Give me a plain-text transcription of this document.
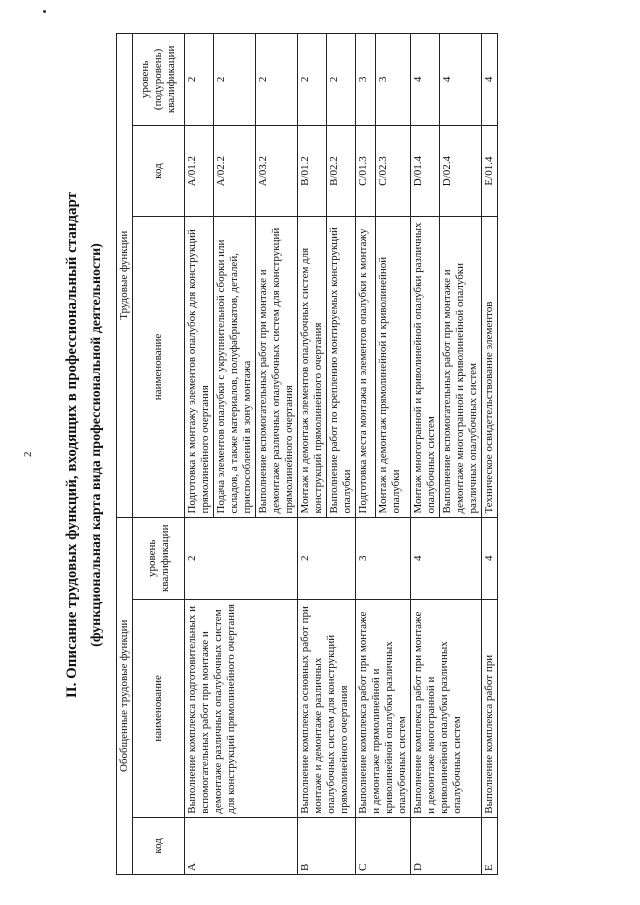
2 II. Описание трудовых функций, входящих в профессиональный стандарт (функциональная карта вида профессиональной деятельности)
Обобщенные трудовые функции			Трудовые функции		
код	наименование	уровень квалификации	наименование	код	уровень (подуровень) квалификации
A	Выполнение комплекса подготовительных и вспомогательных работ при монтаже и демонтаже различных опалубочных систем для конструкций прямолинейного очертания	2	Подготовка к монтажу элементов опалубок для конструкций прямолинейного очертания	A/01.2	2
			Подача элементов опалубки с укрупнительной сборки или складов, а также материалов, полуфабрикатов, деталей, приспособлений в зону монтажа	A/02.2	2
			Выполнение вспомогательных работ при монтаже и демонтаже различных опалубочных систем для конструкций прямолинейного очертания	A/03.2	2
B	Выполнение комплекса основных работ при монтаже и демонтаже различных опалубочных систем для конструкций прямолинейного очертания	2	Монтаж и демонтаж элементов опалубочных систем для конструкций прямолинейного очертания	B/01.2	2
			Выполнение работ по креплению монтируемых конструкций опалубки	B/02.2	2
C	Выполнение комплекса работ при монтаже и демонтаже прямолинейной и криволинейной опалубки различных опалубочных систем	3	Подготовка места монтажа и элементов опалубки к монтажу	C/01.3	3
			Монтаж и демонтаж прямолинейной и криволинейной опалубки	C/02.3	3
D	Выполнение комплекса работ при монтаже и демонтаже многогранной и криволинейной опалубки различных опалубочных систем	4	Монтаж многогранной и криволинейной опалубки различных опалубочных систем	D/01.4	4
			Выполнение вспомогательных работ при монтаже и демонтаже многогранной и криволинейной опалубки различных опалубочных систем	D/02.4	4
E	Выполнение комплекса работ при	4	Техническое освидетельствование элементов	E/01.4	4
